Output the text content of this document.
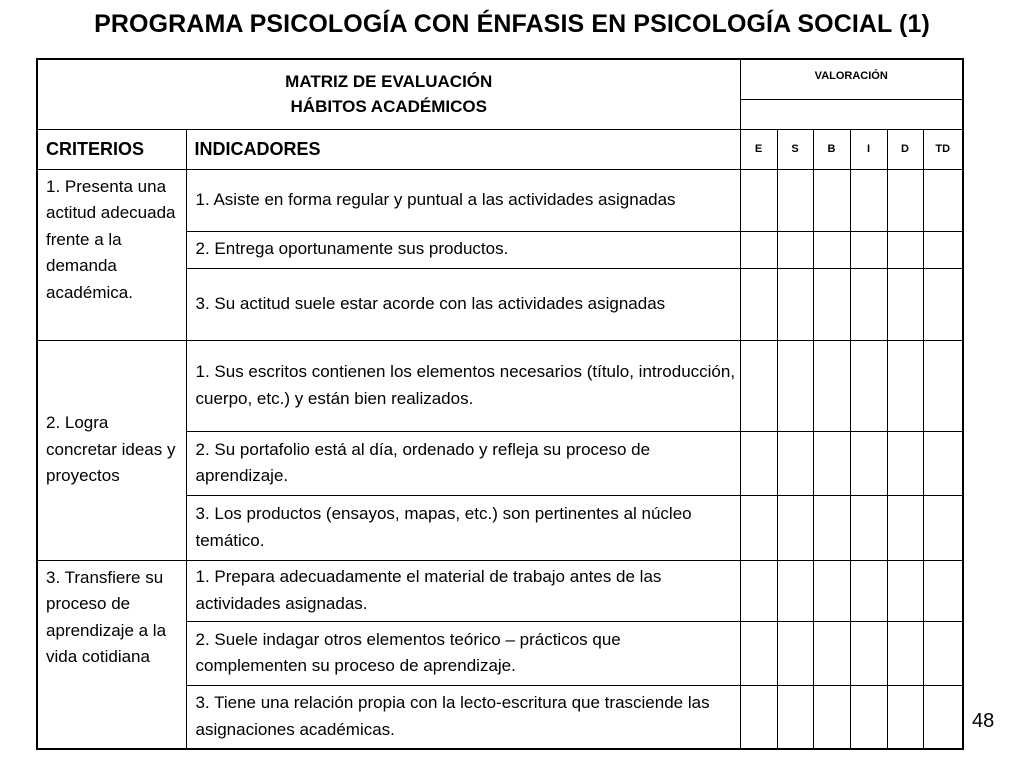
PROGRAMA PSICOLOGÍA CON ÉNFASIS EN PSICOLOGÍA SOCIAL (1)
MATRIZ DE EVALUACIÓN
HÁBITOS ACADÉMICOS		VALORACIÓN					

CRITERIOS	INDICADORES	E	S	B	I	D	TD
1. Presenta una actitud adecuada frente a la demanda académica.	1. Asiste en forma regular y puntual a las actividades asignadas						
	2. Entrega oportunamente sus productos.						
	3. Su actitud suele estar acorde con las actividades asignadas						
2. Logra concretar ideas y proyectos	1. Sus escritos contienen los elementos necesarios (título, introducción, cuerpo, etc.) y están bien realizados.						
	2. Su portafolio está al día, ordenado y refleja su proceso de aprendizaje.						
	3. Los productos (ensayos, mapas, etc.) son pertinentes al núcleo temático.						
3. Transfiere su proceso de aprendizaje a la vida cotidiana	1. Prepara adecuadamente el material de trabajo antes de las actividades asignadas.						
	2. Suele indagar otros elementos teórico – prácticos que complementen su proceso de aprendizaje.						
	3. Tiene una relación propia con la lecto-escritura que trasciende las asignaciones académicas.							48
